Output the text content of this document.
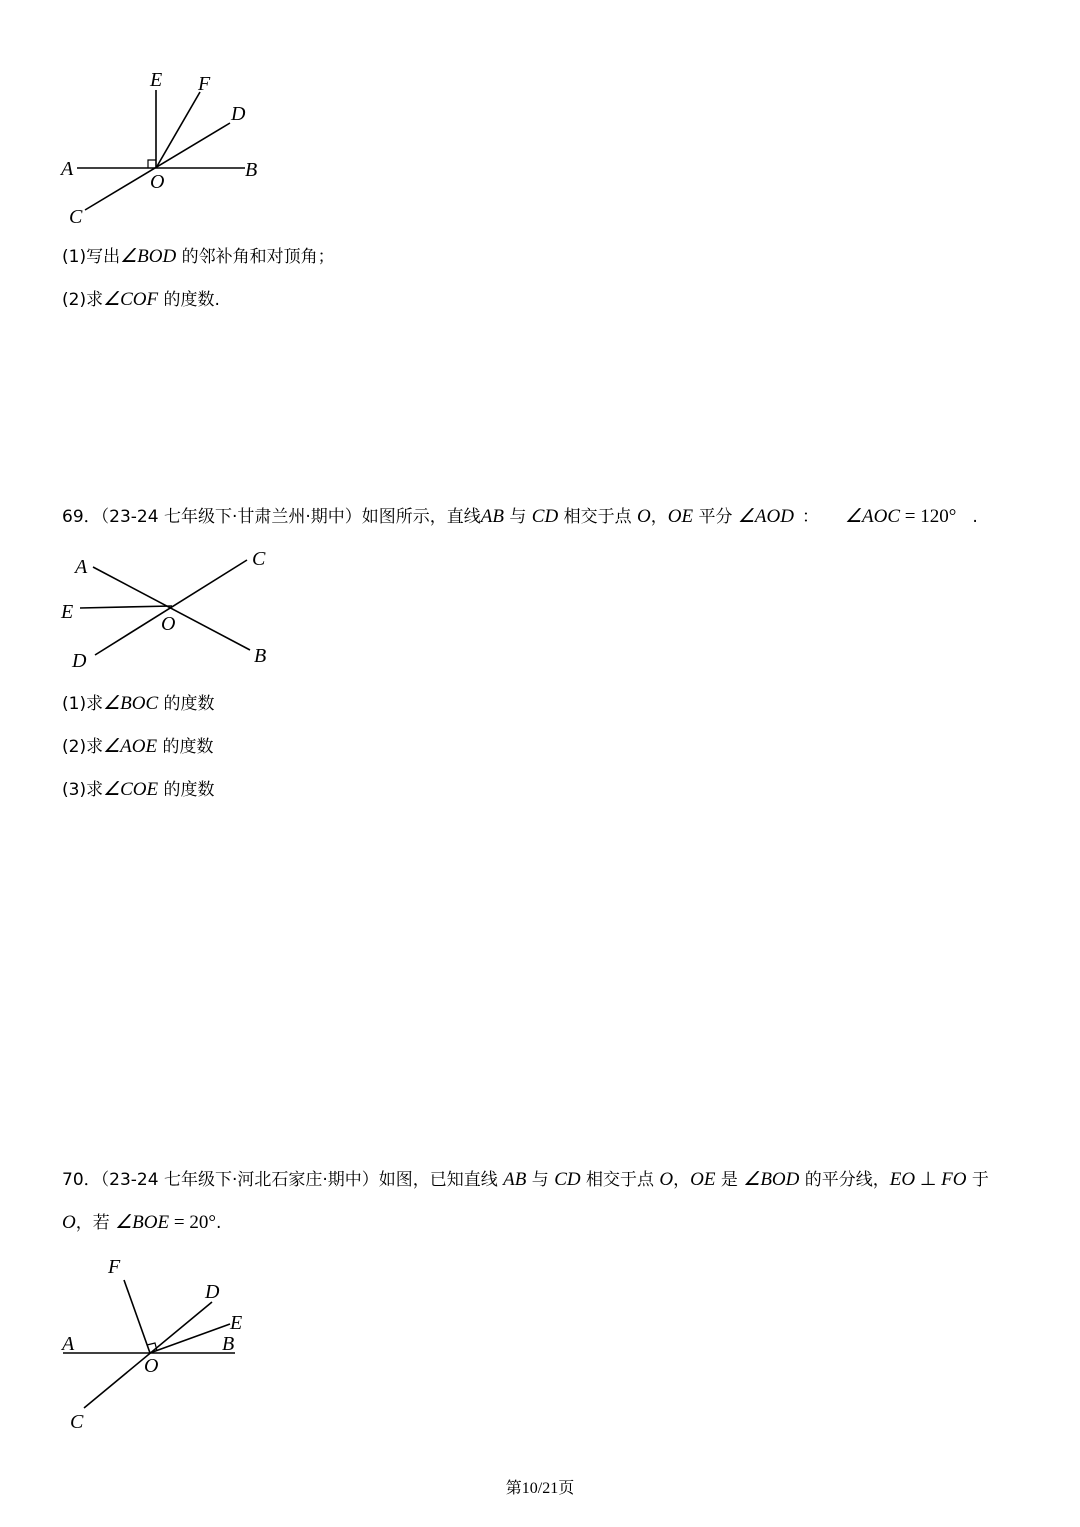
E F
D
A
O
B
C
(1)写出∠BOD 的邻补角和对顶角；
(2)求∠COF 的度数.
69．（23-24 七年级下·甘肃兰州·期中）如图所示，直线AB 与 CD 相交于点 O，OE 平分 ∠AOD ： ∠AOC = 120° .
A	C
E
O
D	B
(1)求∠BOC 的度数
(2)求∠AOE 的度数
(3)求∠COE 的度数
70．（23-24 七年级下·河北石家庄·期中）如图，已知直线 AB 与 CD 相交于点 O，OE 是 ∠BOD 的平分线，EO ⊥ FO 于
O，若 ∠BOE = 20°.
F
D
E
A	B
O
C
第10/21页
